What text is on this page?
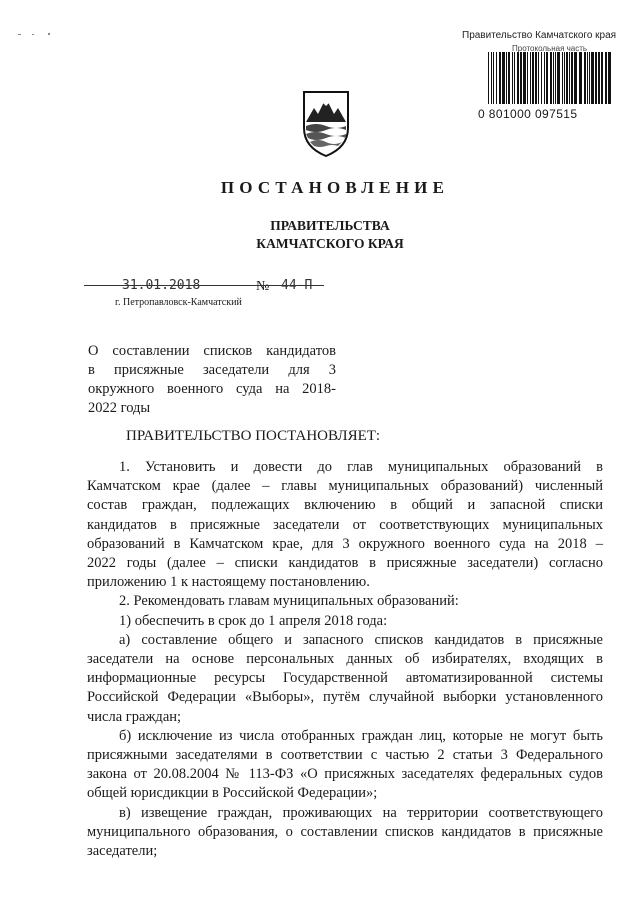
Правительство Камчатского края
Протокольная часть
0 801000 097515
ПОСТАНОВЛЕНИЕ
ПРАВИТЕЛЬСТВА
КАМЧАТСКОГО КРАЯ
31.01.2018	№ 44-П
г. Петропавловск-Камчатский
О составлении списков кандидатов
в присяжные заседатели для 3
окружного военного суда на 2018-
2022 годы
ПРАВИТЕЛЬСТВО ПОСТАНОВЛЯЕТ:
1. Установить и довести до глав муниципальных образований в
Камчатском крае (далее – главы муниципальных образований) численный
состав граждан, подлежащих включению в общий и запасной списки
кандидатов в присяжные заседатели от соответствующих муниципальных
образований в Камчатском крае, для 3 окружного военного суда на 2018 –
2022 годы (далее – списки кандидатов в присяжные заседатели) согласно
приложению 1 к настоящему постановлению.
2. Рекомендовать главам муниципальных образований:
1) обеспечить в срок до 1 апреля 2018 года:
а) составление общего и запасного списков кандидатов в присяжные
заседатели на основе персональных данных об избирателях, входящих в
информационные ресурсы Государственной автоматизированной системы
Российской Федерации «Выборы», путём случайной выборки установленного
числа граждан;
б) исключение из числа отобранных граждан лиц, которые не могут быть
присяжными заседателями в соответствии с частью 2 статьи 3 Федерального
закона от 20.08.2004 № 113-ФЗ «О присяжных заседателях федеральных судов
общей юрисдикции в Российской Федерации»;
в) извещение граждан, проживающих на территории соответствующего
муниципального образования, о составлении списков кандидатов в присяжные
заседатели;
